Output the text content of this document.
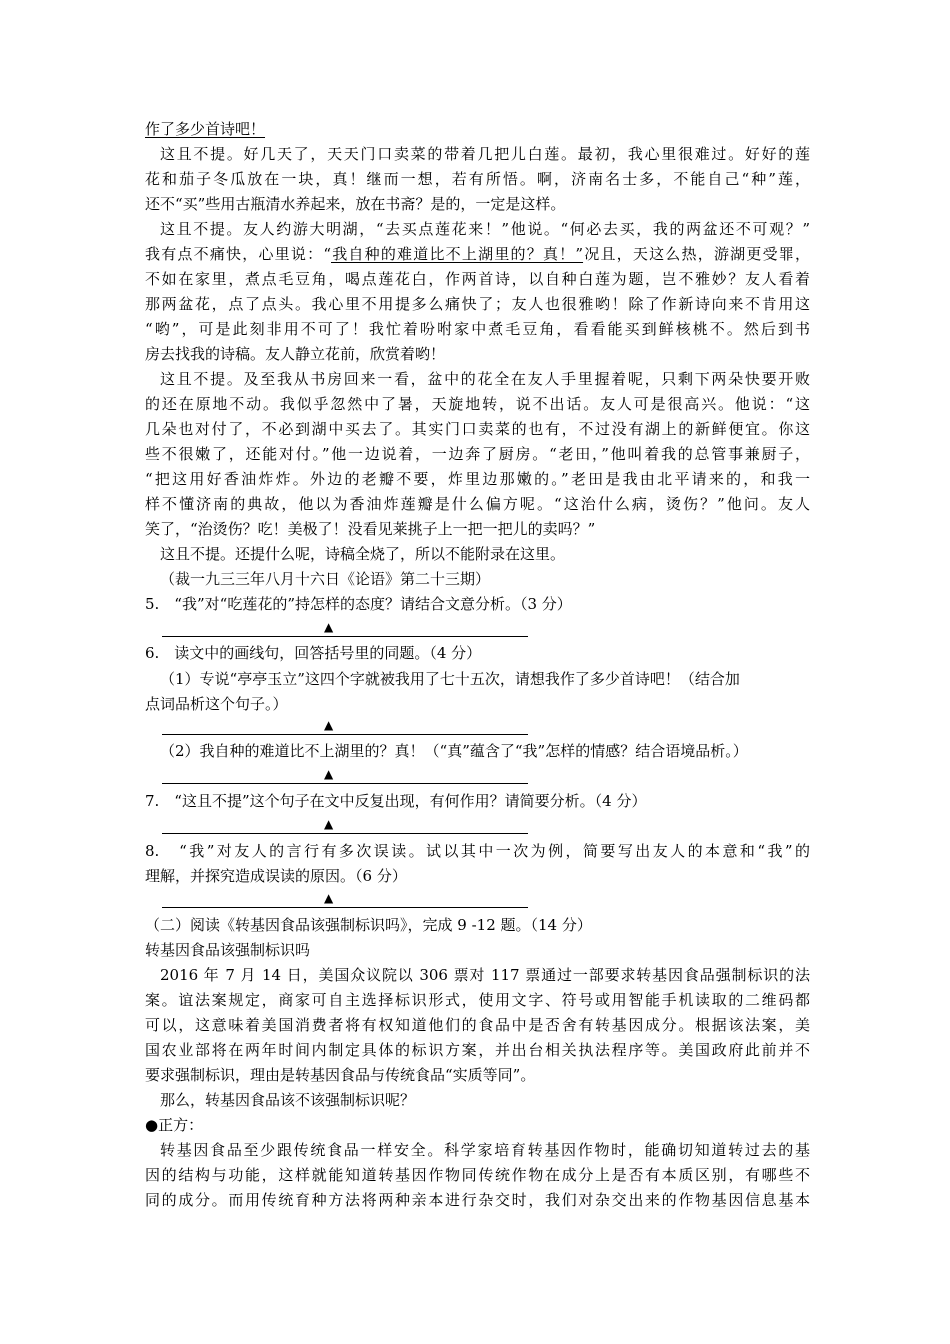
作了多少首诗吧！
这且不提。好几天了，天天门口卖菜的带着几把儿白莲。最初，我心里很难过。好好的莲
花和茄子冬瓜放在一块，真！继而一想，若有所悟。啊，济南名士多，不能自己“种”莲，
还不“买”些用古瓶清水养起来，放在书斋？是的，一定是这样。
这且不提。友人约游大明湖，“去买点莲花来！”他说。“何必去买，我的两盆还不可观？”
不如在家里，煮点毛豆角，喝点莲花白，作两首诗，以自种白莲为题，岂不雅妙？友人看着
那两盆花，点了点头。我心里不用提多么痛快了；友人也很雅哟！除了作新诗向来不肯用这
“哟”，可是此刻非用不可了！我忙着吩咐家中煮毛豆角，看看能买到鲜核桃不。然后到书
房去找我的诗稿。友人静立花前，欣赏着哟！
这且不提。及至我从书房回来一看，盆中的花全在友人手里握着呢，只剩下两朵快要开败
的还在原地不动。我似乎忽然中了暑，天旋地转，说不出话。友人可是很高兴。他说：“这
几朵也对付了，不必到湖中买去了。其实门口卖菜的也有，不过没有湖上的新鲜便宜。你这
些不很嫩了，还能对付。”他一边说着，一边奔了厨房。“老田，”他叫着我的总管事兼厨子，
“把这用好香油炸炸。外边的老瓣不要，炸里边那嫩的。”老田是我由北平请来的，和我一
样不懂济南的典故，他以为香油炸莲瓣是什么偏方呢。“这治什么病，烫伤？”他问。友人
笑了，“治烫伤？吃！美极了！没看见莱挑子上一把一把儿的卖吗？”
这且不提。还提什么呢，诗稿全烧了，所以不能附录在这里。
（裁一九三三年八月十六日《论语》第二十三期）
5.　“我”对“吃莲花的”持怎样的态度？请结合文意分析。（3 分）
6.　读文中的画线句，回答括号里的同题。（4 分）
（1）专说“亭亭玉立”这四个字就被我用了七十五次，请想我作了多少首诗吧！（结合加
点词品析这个句子。）
（2）我自种的难道比不上湖里的？真！（“真”蕴含了“我”怎样的情感？结合语境品析。）
7.　“这且不提”这个句子在文中反复出现，有何作用？请简要分析。（4 分）
8.　“我”对友人的言行有多次误读。试以其中一次为例，简要写出友人的本意和“我”的
理解，并探究造成误读的原因。（6 分）
（二）阅读《转基因食品该强制标识吗》，完成 9 -12 题。（14 分）
转基因食品该强制标识吗
2016 年 7 月 14 日，美国众议院以 306 票对 117 票通过一部要求转基因食品强制标识的法
案。谊法案规定，商家可自主选择标识形式，使用文字、符号或用智能手机读取的二维码都
可以，这意味着美国消费者将有权知道他们的食品中是否舍有转基因成分。根据该法案，美
国农业部将在两年时间内制定具体的标识方案，并出台相关执法程序等。美国政府此前并不
要求强制标识，理由是转基因食品与传统食品“实质等同”。
那么，转基因食品该不该强制标识呢？
●正方：
转基因食品至少跟传统食品一样安全。科学家培育转基因作物时，能确切知道转过去的基
因的结构与功能，这样就能知道转基因作物同传统作物在成分上是否有本质区别，有哪些不
同的成分。而用传统育种方法将两种亲本进行杂交时，我们对杂交出来的作物基因信息基本
我有点不痛快，心里说：“我自种的难道比不上湖里的？真！”况且，天这么热，游湖更受罪，
▲
▲
▲
▲
▲
